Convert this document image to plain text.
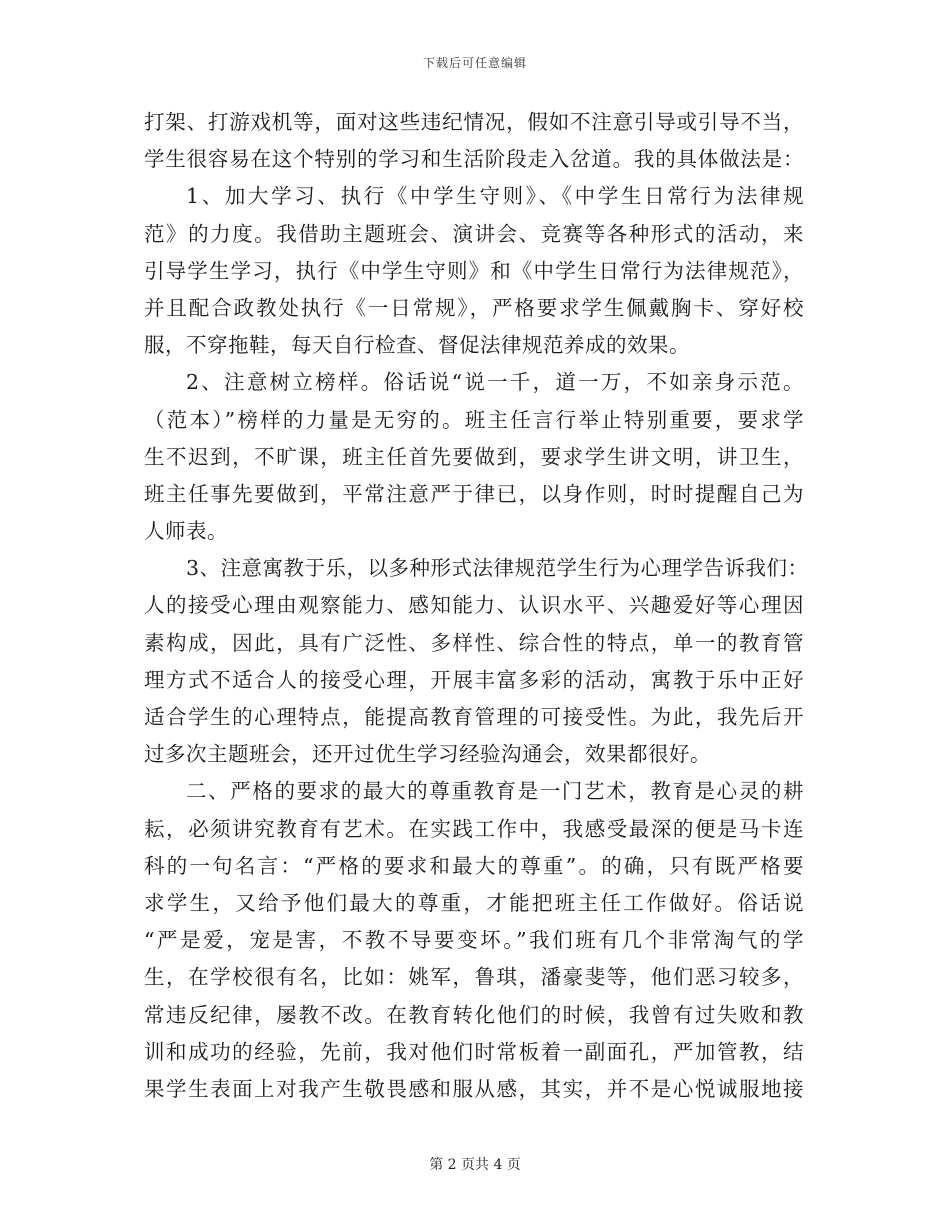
下载后可任意编辑
打架、打游戏机等，面对这些违纪情况，假如不注意引导或引导不当，
学生很容易在这个特别的学习和生活阶段走入岔道。我的具体做法是：
1、加大学习、执行《中学生守则》、《中学生日常行为法律规
范》的力度。我借助主题班会、演讲会、竞赛等各种形式的活动，来
引导学生学习，执行《中学生守则》和《中学生日常行为法律规范》，
并且配合政教处执行《一日常规》，严格要求学生佩戴胸卡、穿好校
服，不穿拖鞋，每天自行检查、督促法律规范养成的效果。
2、注意树立榜样。俗话说“说一千，道一万，不如亲身示范。
（范本）”榜样的力量是无穷的。班主任言行举止特别重要，要求学
生不迟到，不旷课，班主任首先要做到，要求学生讲文明，讲卫生，
班主任事先要做到，平常注意严于律已，以身作则，时时提醒自己为
人师表。
3、注意寓教于乐，以多种形式法律规范学生行为心理学告诉我们：
人的接受心理由观察能力、感知能力、认识水平、兴趣爱好等心理因
素构成，因此，具有广泛性、多样性、综合性的特点，单一的教育管
理方式不适合人的接受心理，开展丰富多彩的活动，寓教于乐中正好
适合学生的心理特点，能提高教育管理的可接受性。为此，我先后开
过多次主题班会，还开过优生学习经验沟通会，效果都很好。
二、严格的要求的最大的尊重教育是一门艺术，教育是心灵的耕
耘，必须讲究教育有艺术。在实践工作中，我感受最深的便是马卡连
科的一句名言：“严格的要求和最大的尊重”。的确，只有既严格要
求学生，又给予他们最大的尊重，才能把班主任工作做好。俗话说
“严是爱，宠是害，不教不导要变坏。”我们班有几个非常淘气的学
生，在学校很有名，比如：姚军，鲁琪，潘豪斐等，他们恶习较多，
常违反纪律，屡教不改。在教育转化他们的时候，我曾有过失败和教
训和成功的经验，先前，我对他们时常板着一副面孔，严加管教，结
果学生表面上对我产生敬畏感和服从感，其实，并不是心悦诚服地接
第 2 页共 4 页
